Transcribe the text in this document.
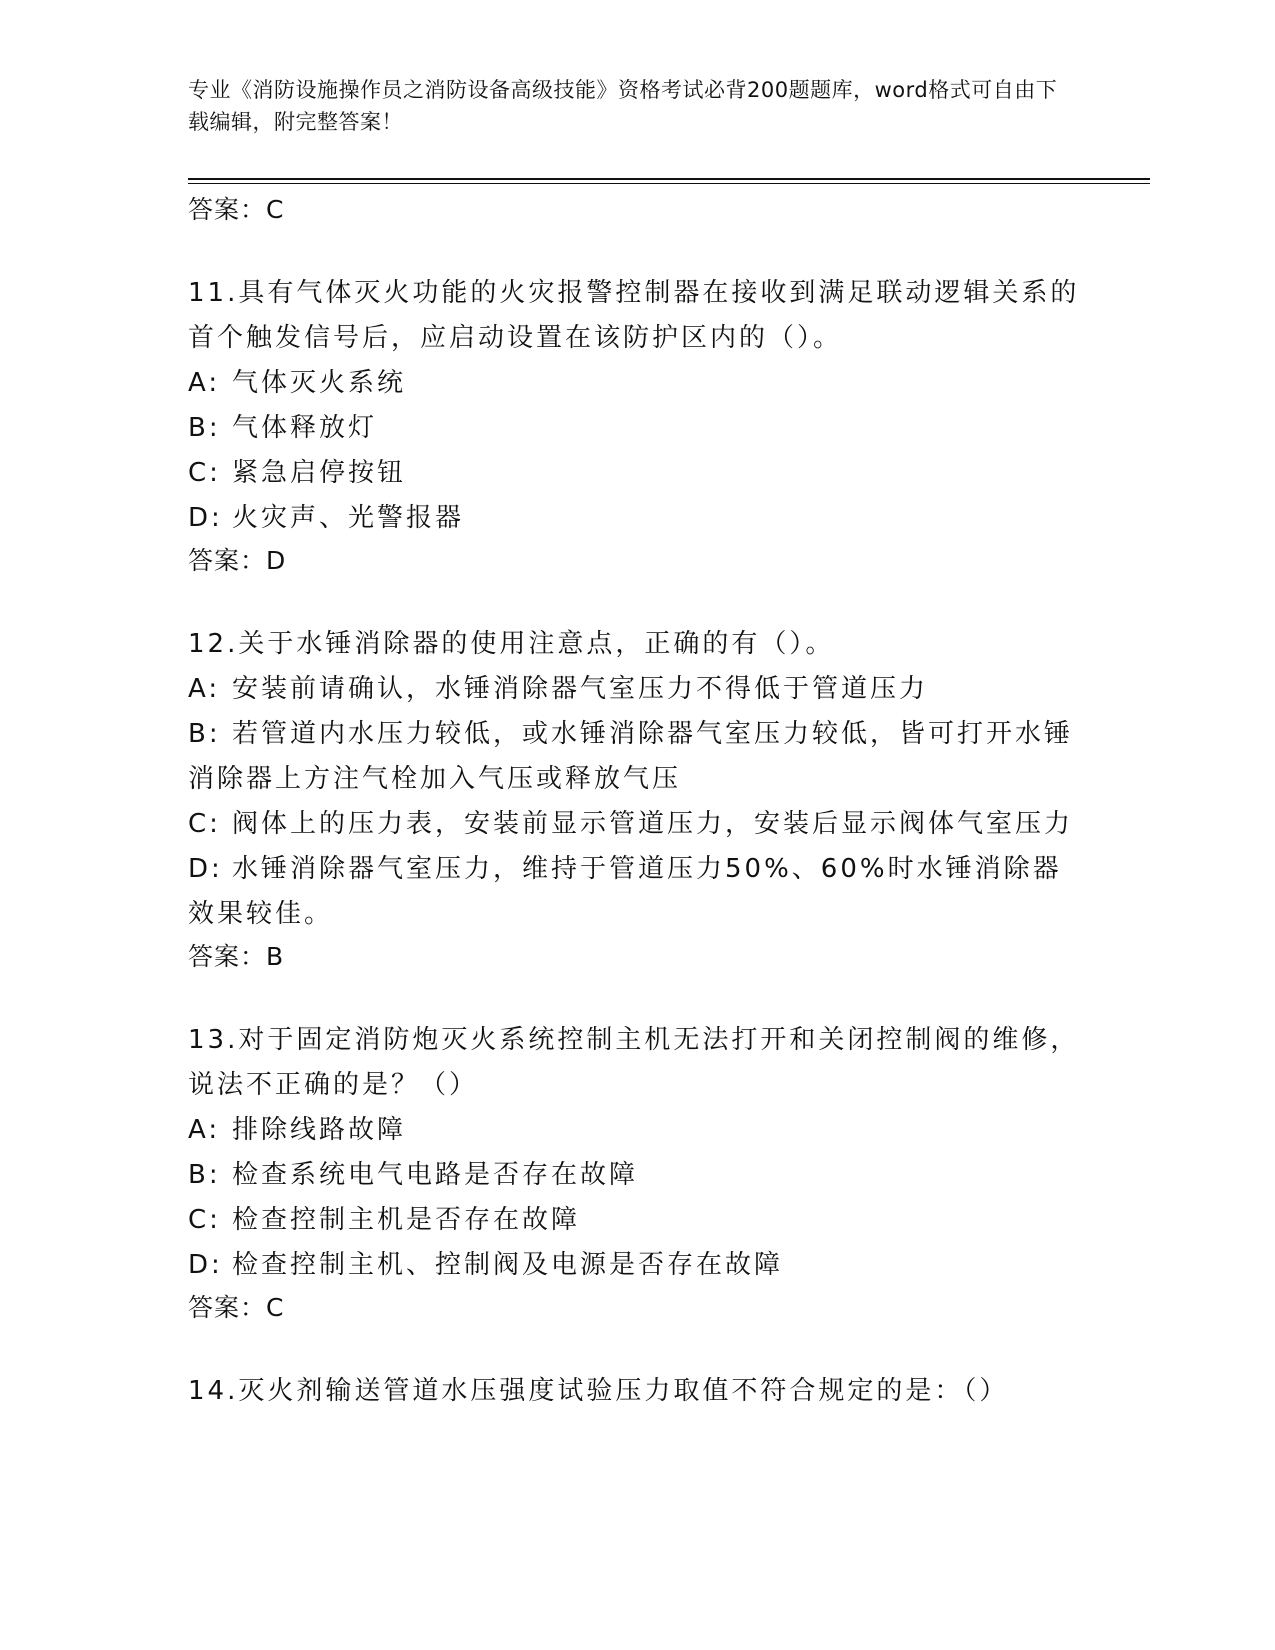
专业《消防设施操作员之消防设备高级技能》资格考试必背200题题库，word格式可自由下载编辑，附完整答案！
答案：C
11.具有气体灭火功能的火灾报警控制器在接收到满足联动逻辑关系的首个触发信号后，应启动设置在该防护区内的（）。
A: 气体灭火系统
B: 气体释放灯
C: 紧急启停按钮
D: 火灾声、光警报器
答案：D
12.关于水锤消除器的使用注意点，正确的有（）。
A: 安装前请确认，水锤消除器气室压力不得低于管道压力
B: 若管道内水压力较低，或水锤消除器气室压力较低，皆可打开水锤消除器上方注气栓加入气压或释放气压
C: 阀体上的压力表，安装前显示管道压力，安装后显示阀体气室压力
D: 水锤消除器气室压力，维持于管道压力50%、60%时水锤消除器效果较佳。
答案：B
13.对于固定消防炮灭火系统控制主机无法打开和关闭控制阀的维修，说法不正确的是？（）
A: 排除线路故障
B: 检查系统电气电路是否存在故障
C: 检查控制主机是否存在故障
D: 检查控制主机、控制阀及电源是否存在故障
答案：C
14.灭火剂输送管道水压强度试验压力取值不符合规定的是：（）
